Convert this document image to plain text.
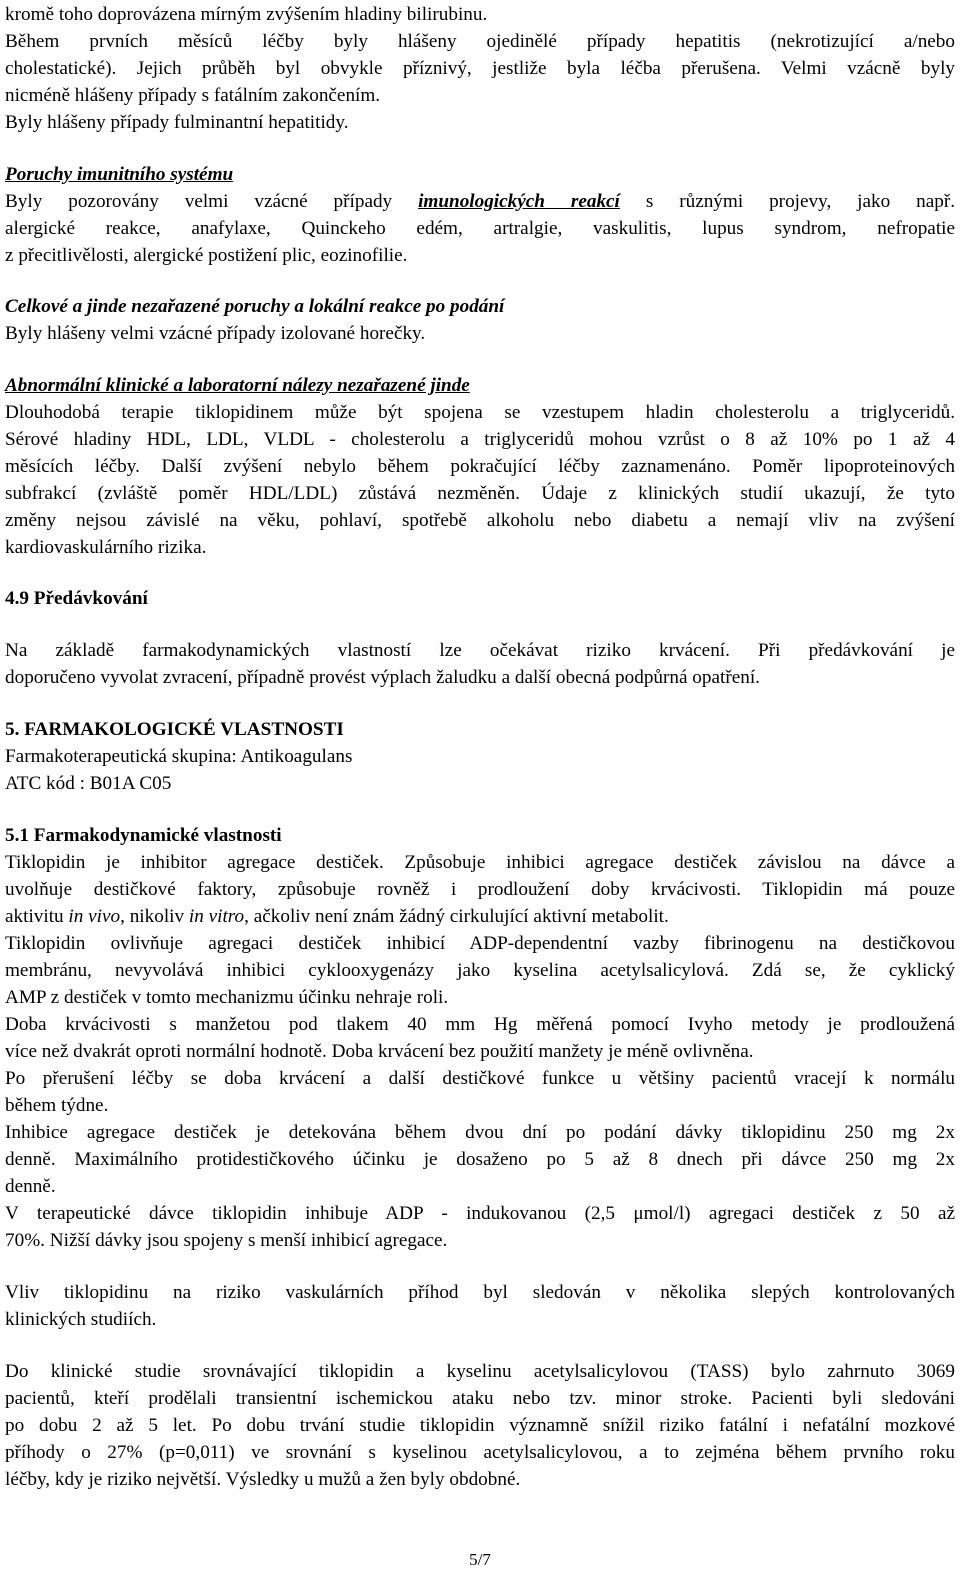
kromě toho doprovázena mírným zvýšením hladiny bilirubinu.

Během prvních měsíců léčby byly hlášeny ojedinělé případy hepatitis (nekrotizující a/nebo

cholestatické). Jejich průběh byl obvykle příznivý, jestliže byla léčba přerušena. Velmi vzácně byly

nicméně hlášeny případy s fatálním zakončením.

Byly hlášeny případy fulminantní hepatitidy.

Poruchy imunitního systému

Byly pozorovány velmi vzácné případy imunologických reakcí s různými projevy, jako např.

alergické reakce, anafylaxe, Quinckeho edém, artralgie, vaskulitis, lupus syndrom, nefropatie

z přecitlivělosti, alergické postižení plic, eozinofilie.

Celkové a jinde nezařazené poruchy a lokální reakce po podání

Byly hlášeny velmi vzácné případy izolované horečky.

Abnormální klinické a laboratorní nálezy nezařazené jinde

Dlouhodobá terapie tiklopidinem může být spojena se vzestupem hladin cholesterolu a triglyceridů.

Sérové hladiny HDL, LDL, VLDL - cholesterolu a triglyceridů mohou vzrůst o 8 až 10% po 1 až 4

měsících léčby. Další zvýšení nebylo během pokračující léčby zaznamenáno. Poměr lipoproteinových

subfrakcí (zvláště poměr HDL/LDL) zůstává nezměněn. Údaje z klinických studií ukazují, že tyto

změny nejsou závislé na věku, pohlaví, spotřebě alkoholu nebo diabetu a nemají vliv na zvýšení

kardiovaskulárního rizika.

4.9 Předávkování

Na základě farmakodynamických vlastností lze očekávat riziko krvácení. Při předávkování je

doporučeno vyvolat zvracení, případně provést výplach žaludku a další obecná podpůrná opatření.

5. FARMAKOLOGICKÉ VLASTNOSTI

Farmakoterapeutická skupina: Antikoagulans

ATC kód : B01A C05

5.1 Farmakodynamické vlastnosti

Tiklopidin je inhibitor agregace destiček. Způsobuje inhibici agregace destiček závislou na dávce a

uvolňuje destičkové faktory, způsobuje rovněž i prodloužení doby krvácivosti. Tiklopidin má pouze

aktivitu in vivo, nikoliv in vitro, ačkoliv není znám žádný cirkulující aktivní metabolit.

Tiklopidin ovlivňuje agregaci destiček inhibicí ADP-dependentní vazby fibrinogenu na destičkovou

membránu, nevyvolává inhibici cyklooxygenázy jako kyselina acetylsalicylová. Zdá se, že cyklický

AMP z destiček v tomto mechanizmu účinku nehraje roli.

Doba krvácivosti s manžetou pod tlakem 40 mm Hg měřená pomocí Ivyho metody je prodloužená

více než dvakrát oproti normální hodnotě. Doba krvácení bez použití manžety je méně ovlivněna.

Po přerušení léčby se doba krvácení a další destičkové funkce u většiny pacientů vracejí k normálu

během týdne.

Inhibice agregace destiček je detekována během dvou dní po podání dávky tiklopidinu 250 mg 2x

denně. Maximálního protidestičkového účinku je dosaženo po 5 až 8 dnech při dávce 250 mg 2x

denně.

V terapeutické dávce tiklopidin inhibuje ADP - indukovanou (2,5 μmol/l) agregaci destiček z 50 až

70%. Nižší dávky jsou spojeny s menší inhibicí agregace.

Vliv tiklopidinu na riziko vaskulárních příhod byl sledován v několika slepých kontrolovaných

klinických studiích.

Do klinické studie srovnávající tiklopidin a kyselinu acetylsalicylovou (TASS) bylo zahrnuto 3069

pacientů, kteří prodělali transientní ischemickou ataku nebo tzv. minor stroke. Pacienti byli sledováni

po dobu 2 až 5 let. Po dobu trvání studie tiklopidin významně snížil riziko fatální i nefatální mozkové

příhody o 27% (p=0,011) ve srovnání s kyselinou acetylsalicylovou, a to zejména během prvního roku

léčby, kdy je riziko největší. Výsledky u mužů a žen byly obdobné.

5/7
